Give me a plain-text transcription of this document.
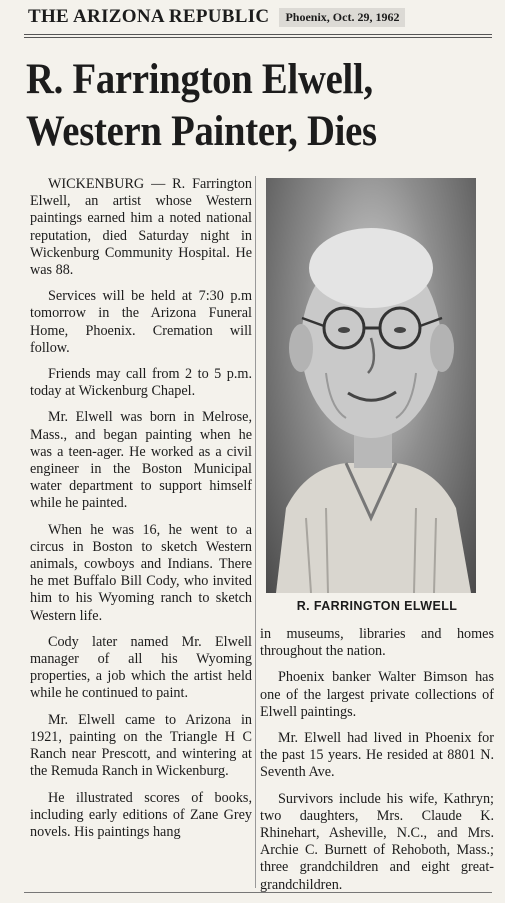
THE ARIZONA REPUBLIC	Phoenix, Oct. 29, 1962
R. Farrington Elwell,
Western Painter, Dies

WICKENBURG — R. Farrington Elwell, an artist whose Western paintings earned him a noted national reputation, died Saturday night in Wickenburg Community Hospital. He was 88.

Services will be held at 7:30 p.m tomorrow in the Arizona Funeral Home, Phoenix. Cremation will follow.

Friends may call from 2 to 5 p.m. today at Wickenburg Chapel.

Mr. Elwell was born in Melrose, Mass., and began painting when he was a teen-ager. He worked as a civil engineer in the Boston Municipal water department to support himself while he painted.

When he was 16, he went to a circus in Boston to sketch Western animals, cowboys and Indians. There he met Buffalo Bill Cody, who invited him to his Wyoming ranch to sketch Western life.

Cody later named Mr. Elwell manager of all his Wyoming properties, a job which the artist held while he continued to paint.

Mr. Elwell came to Arizona in 1921, painting on the Triangle H C Ranch near Prescott, and wintering at the Remuda Ranch in Wickenburg.

He illustrated scores of books, including early editions of Zane Grey novels. His paintings hang

R. FARRINGTON ELWELL

in museums, libraries and homes throughout the nation.

Phoenix banker Walter Bimson has one of the largest private collections of Elwell paintings.

Mr. Elwell had lived in Phoenix for the past 15 years. He resided at 8801 N. Seventh Ave.

Survivors include his wife, Kathryn; two daughters, Mrs. Claude K. Rhinehart, Asheville, N.C., and Mrs. Archie C. Burnett of Rehoboth, Mass.; three grandchildren and eight great-grandchildren.
